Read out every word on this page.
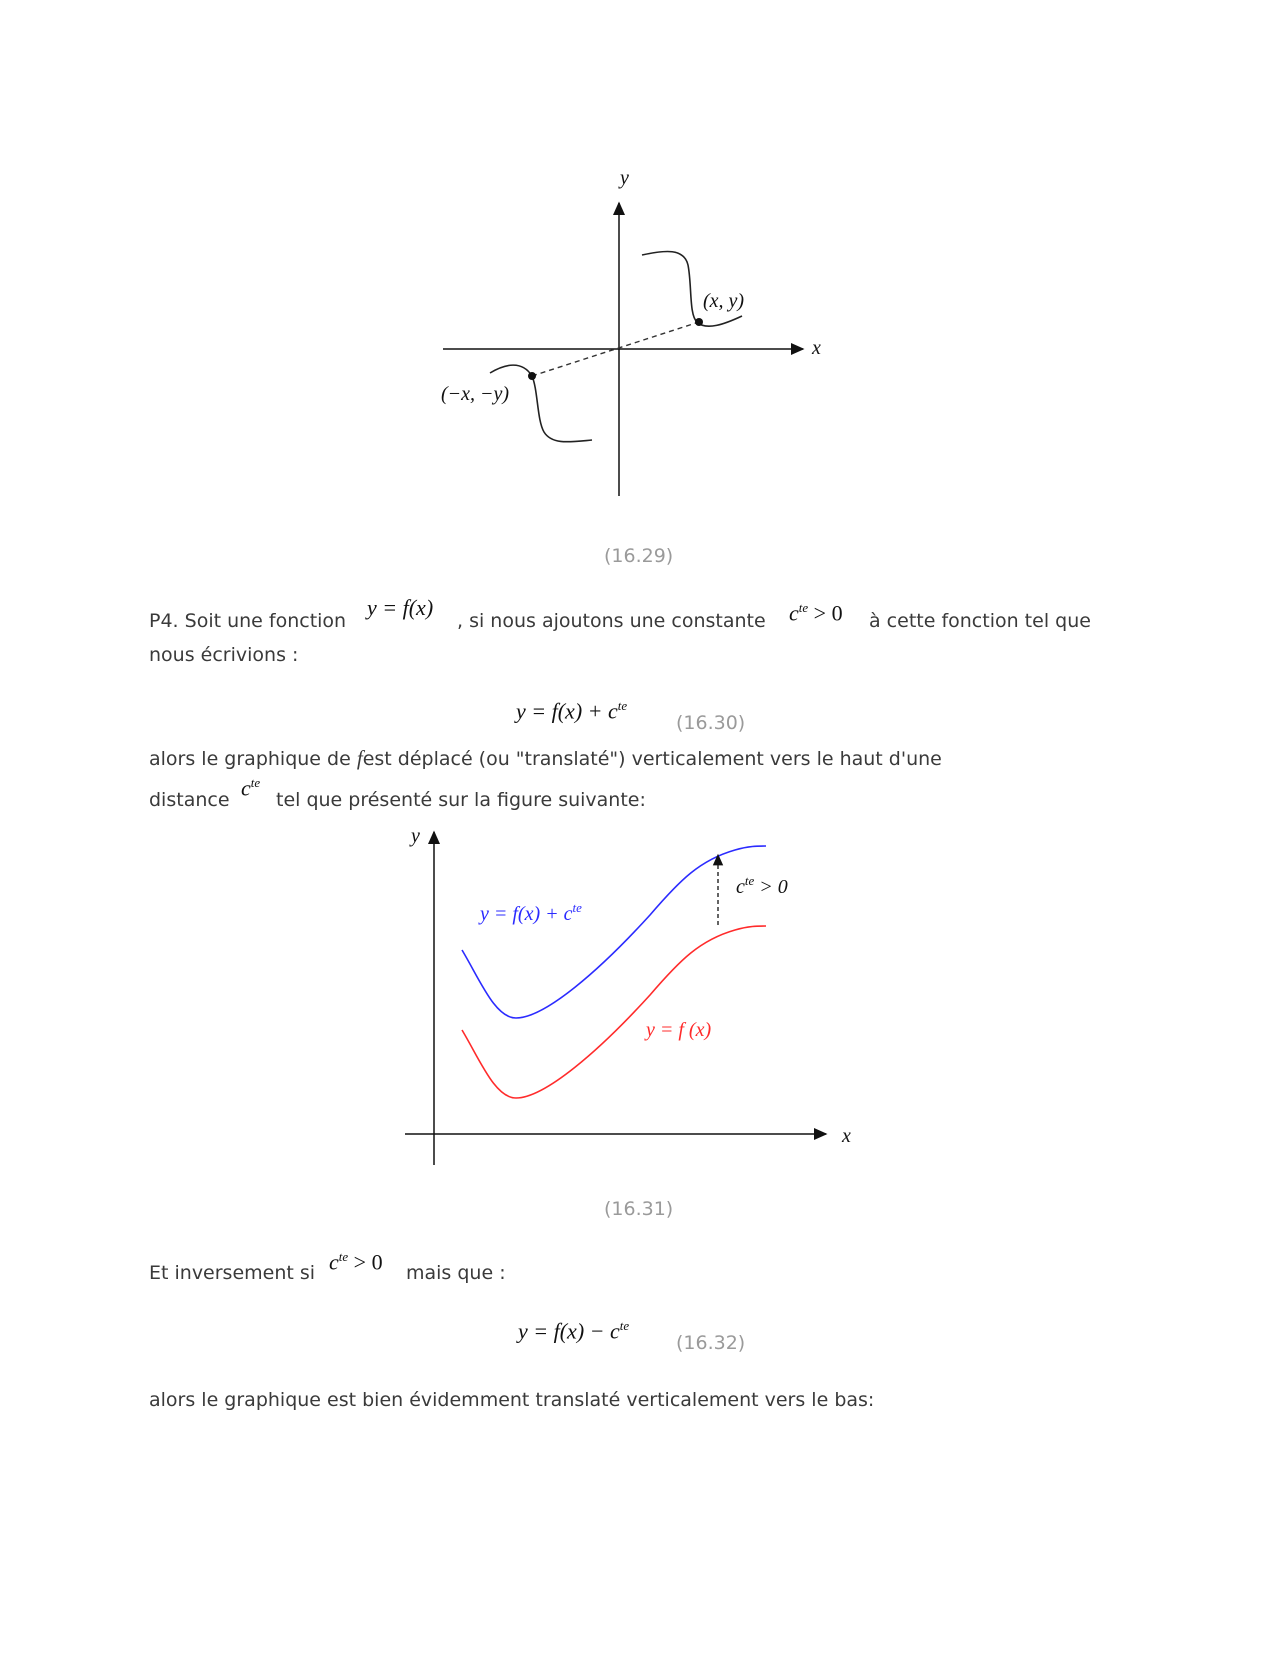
y
x
(x, y)
(−x, −y)
(16.29)
P4. Soit une fonction
y = f(x)
, si nous ajoutons une constante $c^{te} > 0$ à cette fonction tel que
nous écrivions :
$y = f(x) + c^{te}$
(16.30)
alors le graphique de fest déplacé (ou "translaté") verticalement vers le haut d'une
distance $c^{te}$
tel que présenté sur la figure suivante:
y
x
$c^{te} > 0$
$y = f(x) + c^{te}$
y = f (x)
(16.31)
Et inversement si $c^{te} > 0$ mais que :
$y = f(x) - c^{te}$
(16.32)
alors le graphique est bien évidemment translaté verticalement vers le bas:
